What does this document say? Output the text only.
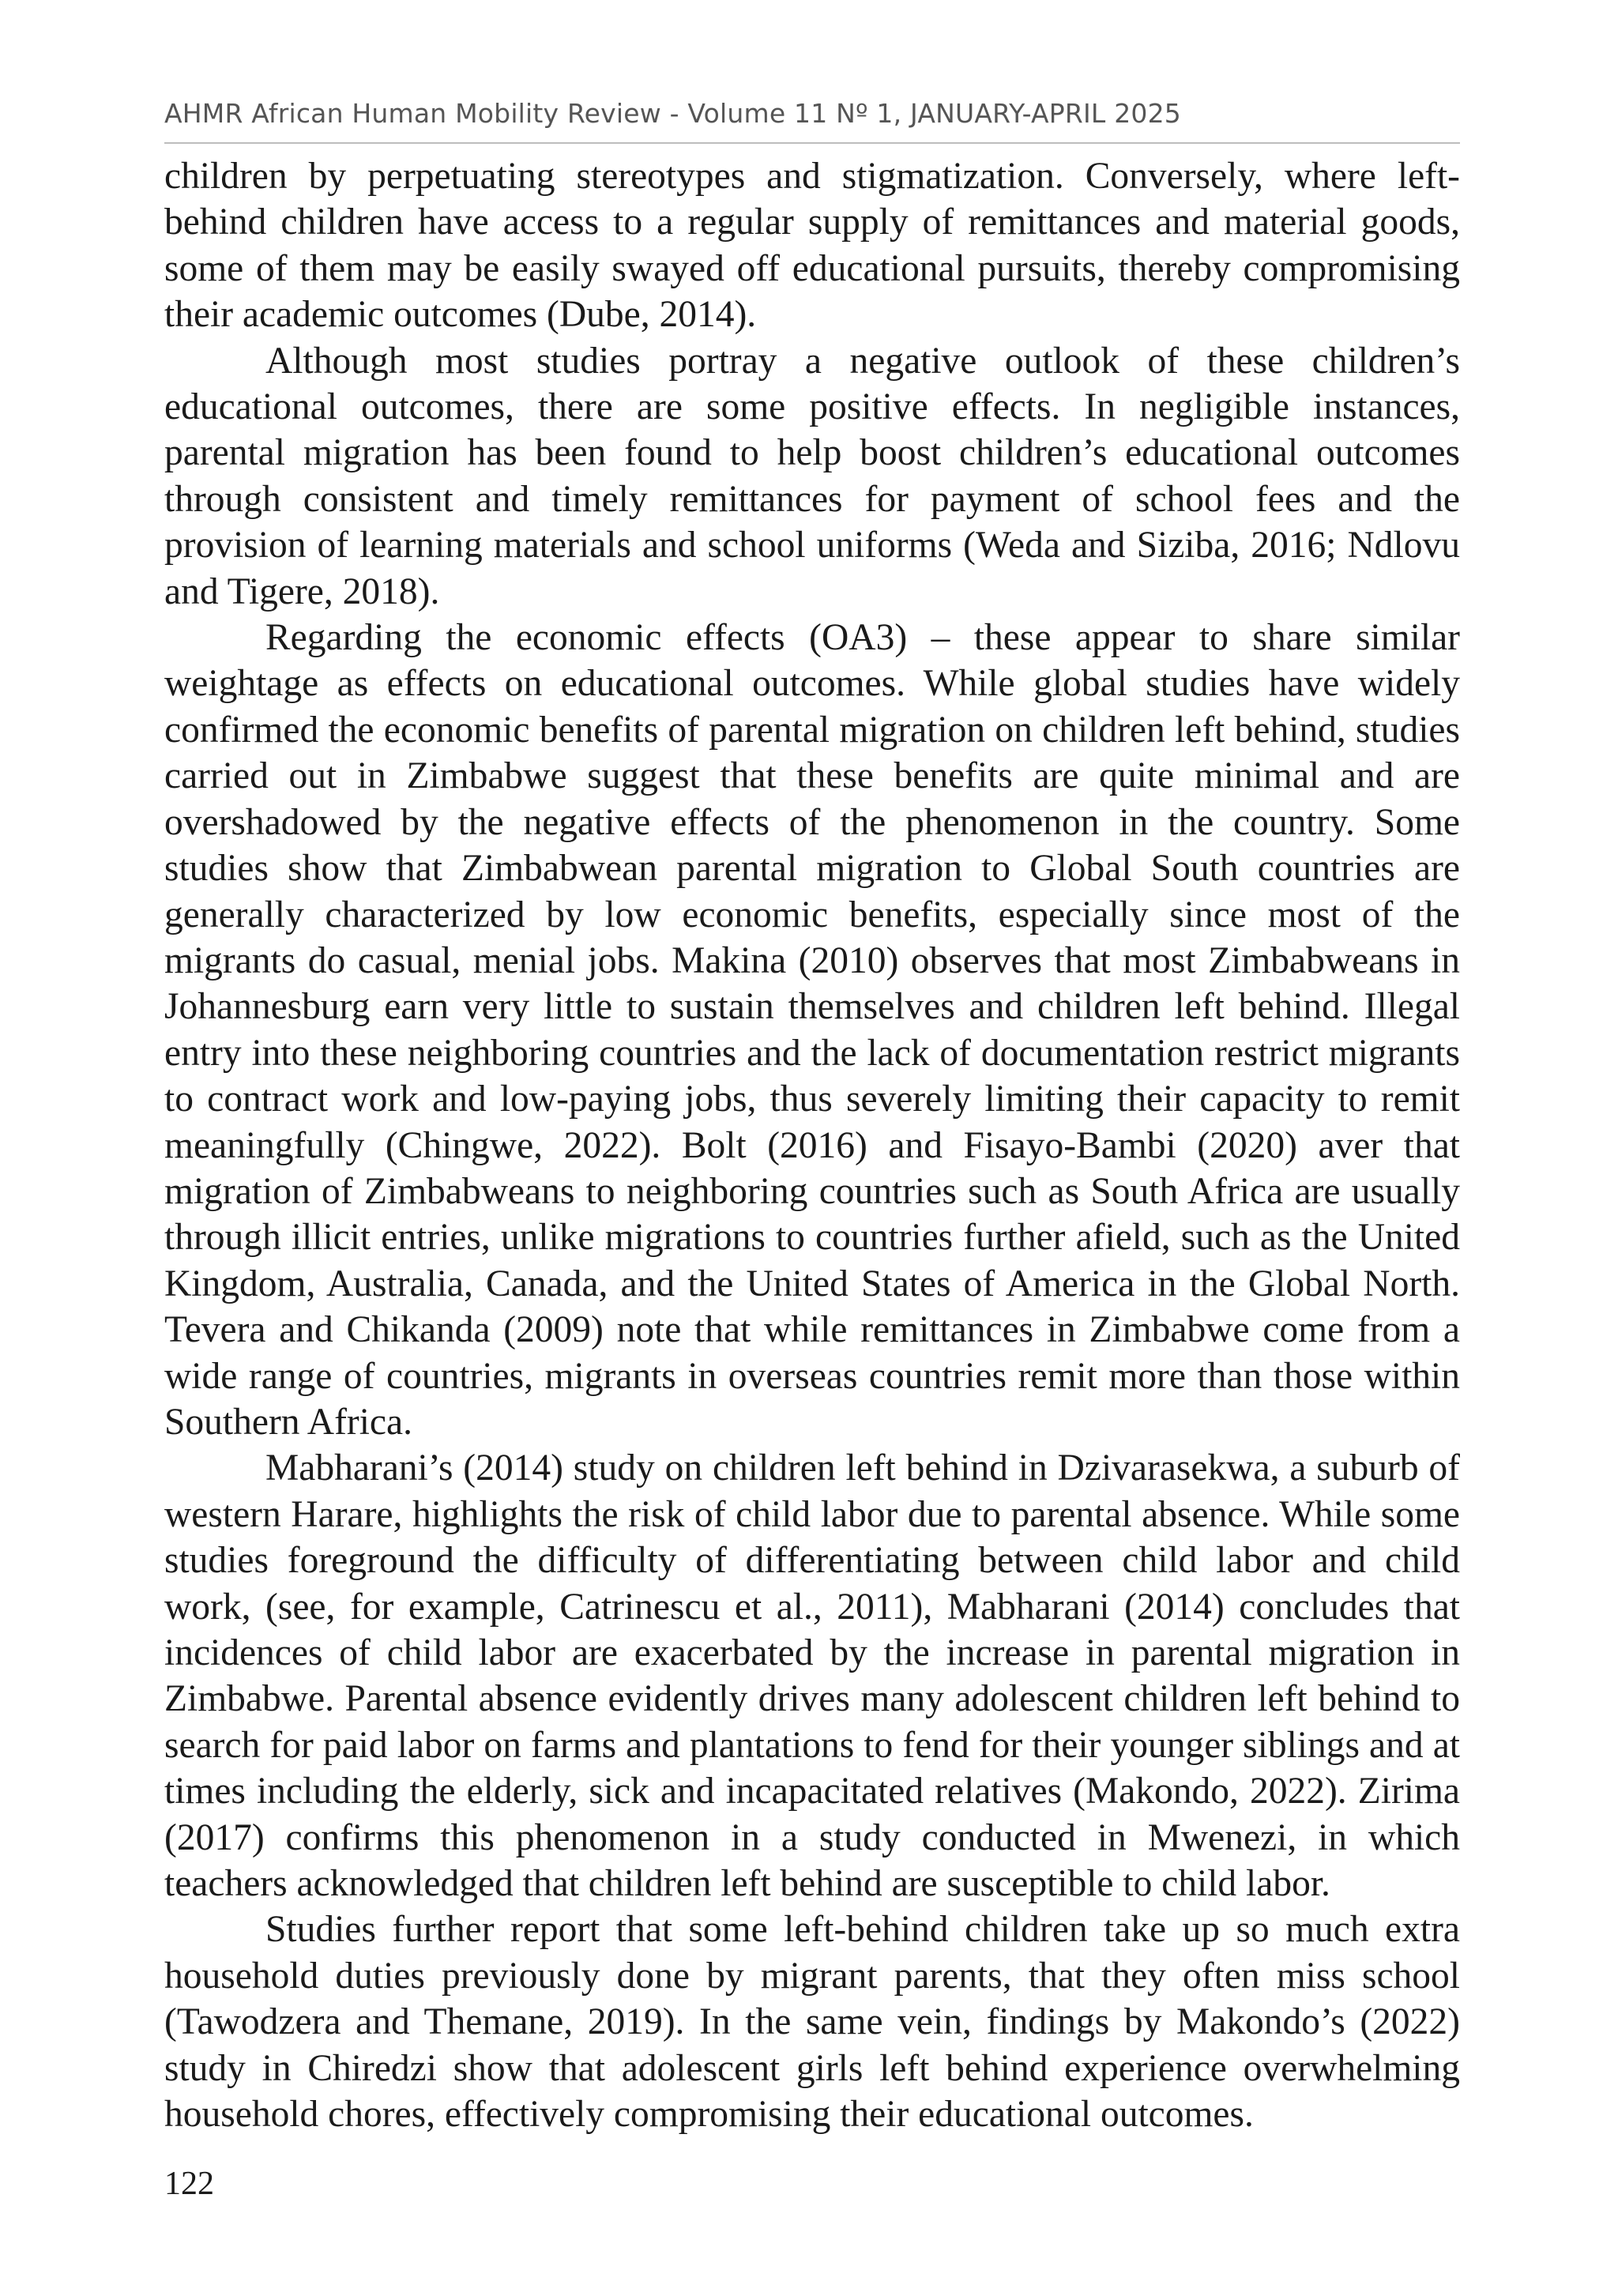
AHMR African Human Mobility Review - Volume 11 Nº 1, JANUARY-APRIL 2025

children by perpetuating stereotypes and stigmatization. Conversely, where left-behind children have access to a regular supply of remittances and material goods, some of them may be easily swayed off educational pursuits, thereby compromising their academic outcomes (Dube, 2014).

Although most studies portray a negative outlook of these children’s educational outcomes, there are some positive effects. In negligible instances, parental migration has been found to help boost children’s educational outcomes through consistent and timely remittances for payment of school fees and the provision of learning materials and school uniforms (Weda and Siziba, 2016; Ndlovu and Tigere, 2018).

Regarding the economic effects (OA3) – these appear to share similar weightage as effects on educational outcomes. While global studies have widely confirmed the economic benefits of parental migration on children left behind, studies carried out in Zimbabwe suggest that these benefits are quite minimal and are overshadowed by the negative effects of the phenomenon in the country. Some studies show that Zimbabwean parental migration to Global South countries are generally characterized by low economic benefits, especially since most of the migrants do casual, menial jobs. Makina (2010) observes that most Zimbabweans in Johannesburg earn very little to sustain themselves and children left behind. Illegal entry into these neighboring countries and the lack of documentation restrict migrants to contract work and low-paying jobs, thus severely limiting their capacity to remit meaningfully (Chingwe, 2022). Bolt (2016) and Fisayo-Bambi (2020) aver that migration of Zimbabweans to neighboring countries such as South Africa are usually through illicit entries, unlike migrations to countries further afield, such as the United Kingdom, Australia, Canada, and the United States of America in the Global North. Tevera and Chikanda (2009) note that while remittances in Zimbabwe come from a wide range of countries, migrants in overseas countries remit more than those within Southern Africa.

Mabharani’s (2014) study on children left behind in Dzivarasekwa, a suburb of western Harare, highlights the risk of child labor due to parental absence. While some studies foreground the difficulty of differentiating between child labor and child work, (see, for example, Catrinescu et al., 2011), Mabharani (2014) concludes that incidences of child labor are exacerbated by the increase in parental migration in Zimbabwe. Parental absence evidently drives many adolescent children left behind to search for paid labor on farms and plantations to fend for their younger siblings and at times including the elderly, sick and incapacitated relatives (Makondo, 2022). Zirima (2017) confirms this phenomenon in a study conducted in Mwenezi, in which teachers acknowledged that children left behind are susceptible to child labor.

Studies further report that some left-behind children take up so much extra household duties previously done by migrant parents, that they often miss school (Tawodzera and Themane, 2019). In the same vein, findings by Makondo’s (2022) study in Chiredzi show that adolescent girls left behind experience overwhelming household chores, effectively compromising their educational outcomes.

122
